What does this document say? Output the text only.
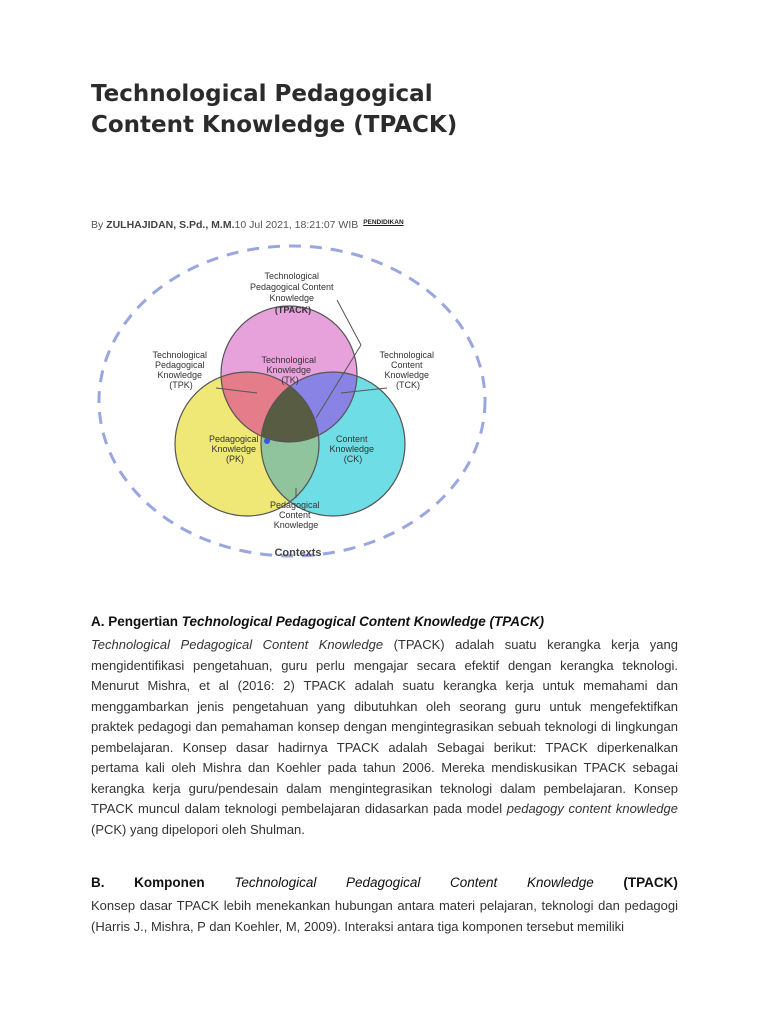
Technological Pedagogical Content Knowledge (TPACK)
By ZULHAJIDAN, S.Pd., M.M.10 Jul 2021, 18:21:07 WIB $^{PENDIDIKAN}$
Technological Pedagogical Content Knowledge (TPACK)
Technological Pedagogical Knowledge (TPK)
Technological Knowledge (TK)
Technological Content Knowledge (TCK)
Pedagogical Knowledge (PK)
Content Knowledge (CK)
Pedagogical Content Knowledge
Contexts
A. Pengertian Technological Pedagogical Content Knowledge (TPACK)

Technological Pedagogical Content Knowledge (TPACK) adalah suatu kerangka kerja yang mengidentifikasi pengetahuan, guru perlu mengajar secara efektif dengan kerangka teknologi. Menurut Mishra, et al (2016: 2) TPACK adalah suatu kerangka kerja untuk memahami dan menggambarkan jenis pengetahuan yang dibutuhkan oleh seorang guru untuk mengefektifkan praktek pedagogi dan pemahaman konsep dengan mengintegrasikan sebuah teknologi di lingkungan pembelajaran. Konsep dasar hadirnya TPACK adalah Sebagai berikut: TPACK diperkenalkan pertama kali oleh Mishra dan Koehler pada tahun 2006. Mereka mendiskusikan TPACK sebagai kerangka kerja guru/pendesain dalam mengintegrasikan teknologi dalam pembelajaran. Konsep TPACK muncul dalam teknologi pembelajaran didasarkan pada model pedagogy content knowledge (PCK) yang dipelopori oleh Shulman.

B. Komponen Technological Pedagogical Content Knowledge (TPACK)

Konsep dasar TPACK lebih menekankan hubungan antara materi pelajaran, teknologi dan pedagogi (Harris J., Mishra, P dan Koehler, M, 2009). Interaksi antara tiga komponen tersebut memiliki
